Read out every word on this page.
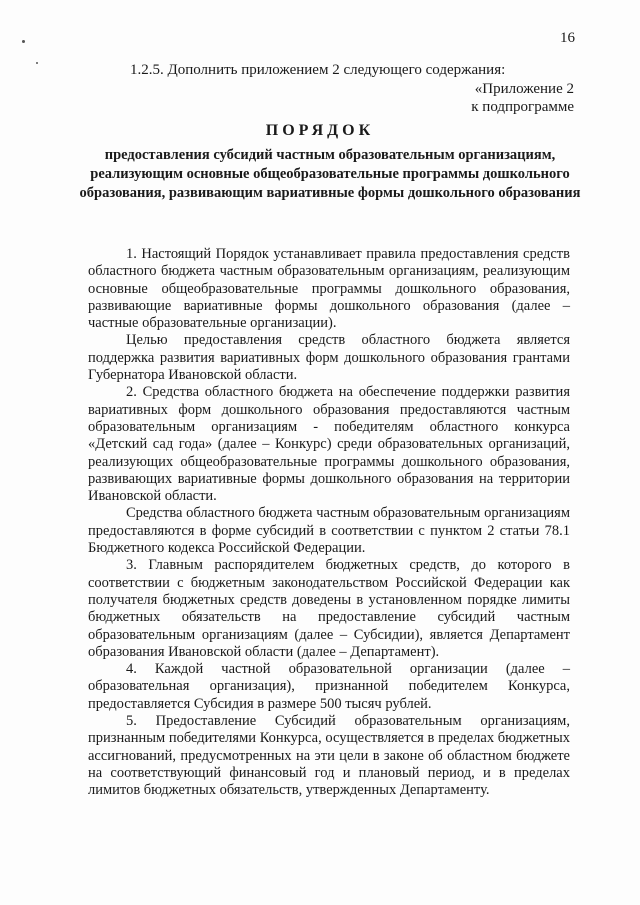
16
1.2.5. Дополнить приложением 2 следующего содержания:
«Приложение 2
к подпрограмме
ПОРЯДОК
предоставления субсидий частным образовательным организациям, реализующим основные общеобразовательные программы дошкольного образования, развивающим вариативные формы дошкольного образования

1. Настоящий Порядок устанавливает правила предоставления средств областного бюджета частным образовательным организациям, реализующим основные общеобразовательные программы дошкольного образования, развивающие вариативные формы дошкольного образования (далее – частные образовательные организации).

Целью предоставления средств областного бюджета является поддержка развития вариативных форм дошкольного образования грантами Губернатора Ивановской области.

2. Средства областного бюджета на обеспечение поддержки развития вариативных форм дошкольного образования предоставляются частным образовательным организациям - победителям областного конкурса «Детский сад года» (далее – Конкурс) среди образовательных организаций, реализующих общеобразовательные программы дошкольного образования, развивающих вариативные формы дошкольного образования на территории Ивановской области.

Средства областного бюджета частным образовательным организациям предоставляются в форме субсидий в соответствии с пунктом 2 статьи 78.1 Бюджетного кодекса Российской Федерации.

3. Главным распорядителем бюджетных средств, до которого в соответствии с бюджетным законодательством Российской Федерации как получателя бюджетных средств доведены в установленном порядке лимиты бюджетных обязательств на предоставление субсидий частным образовательным организациям (далее – Субсидии), является Департамент образования Ивановской области (далее – Департамент).

4. Каждой частной образовательной организации (далее – образовательная организация), признанной победителем Конкурса, предоставляется Субсидия в размере 500 тысяч рублей.

5. Предоставление Субсидий образовательным организациям, признанным победителями Конкурса, осуществляется в пределах бюджетных ассигнований, предусмотренных на эти цели в законе об областном бюджете на соответствующий финансовый год и плановый период, и в пределах лимитов бюджетных обязательств, утвержденных Департаменту.
